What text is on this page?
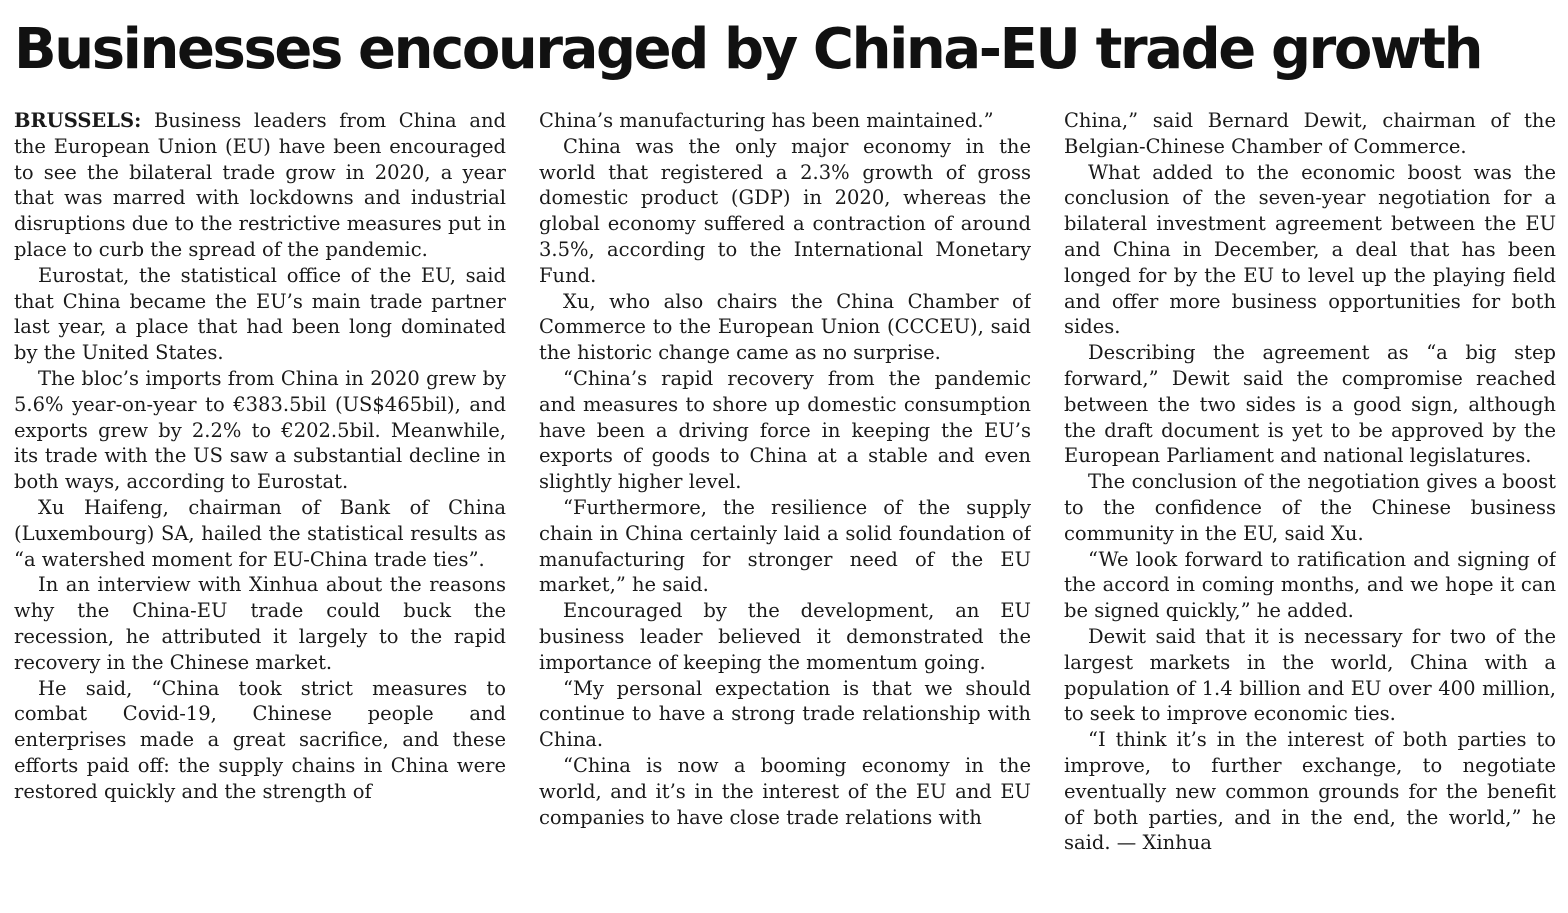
Businesses encouraged by China-EU trade growth

BRUSSELS: Business leaders from China and the European Union (EU) have been encouraged to see the bilateral trade grow in 2020, a year that was marred with lockdowns and industrial disruptions due to the restrictive measures put in place to curb the spread of the pandemic.

Eurostat, the statistical office of the EU, said that China became the EU’s main trade partner last year, a place that had been long dominated by the United States.

The bloc’s imports from China in 2020 grew by 5.6% year-on-year to €383.5bil (US$465bil), and exports grew by 2.2% to €202.5bil. Meanwhile, its trade with the US saw a substantial decline in both ways, according to Eurostat.

Xu Haifeng, chairman of Bank of China (Luxembourg) SA, hailed the statistical results as “a watershed moment for EU-China trade ties”.

In an interview with Xinhua about the reasons why the China-EU trade could buck the recession, he attributed it largely to the rapid recovery in the Chinese market.

He said, “China took strict measures to combat Covid-19, Chinese people and enterprises made a great sacrifice, and these efforts paid off: the supply chains in China were restored quickly and the strength of

China’s manufacturing has been maintained.”

China was the only major economy in the world that registered a 2.3% growth of gross domestic product (GDP) in 2020, whereas the global economy suffered a contraction of around 3.5%, according to the International Monetary Fund.

Xu, who also chairs the China Chamber of Commerce to the European Union (CCCEU), said the historic change came as no surprise.

“China’s rapid recovery from the pandemic and measures to shore up domestic consumption have been a driving force in keeping the EU’s exports of goods to China at a stable and even slightly higher level.

“Furthermore, the resilience of the supply chain in China certainly laid a solid foundation of manufacturing for stronger need of the EU market,” he said.

Encouraged by the development, an EU business leader believed it demonstrated the importance of keeping the momentum going.

“My personal expectation is that we should continue to have a strong trade relationship with China.

“China is now a booming economy in the world, and it’s in the interest of the EU and EU companies to have close trade relations with

China,” said Bernard Dewit, chairman of the Belgian-Chinese Chamber of Commerce.

What added to the economic boost was the conclusion of the seven-year negotiation for a bilateral investment agreement between the EU and China in December, a deal that has been longed for by the EU to level up the playing field and offer more business opportunities for both sides.

Describing the agreement as “a big step forward,” Dewit said the compromise reached between the two sides is a good sign, although the draft document is yet to be approved by the European Parliament and national legislatures.

The conclusion of the negotiation gives a boost to the confidence of the Chinese business community in the EU, said Xu.

“We look forward to ratification and signing of the accord in coming months, and we hope it can be signed quickly,” he added.

Dewit said that it is necessary for two of the largest markets in the world, China with a population of 1.4 billion and EU over 400 million, to seek to improve economic ties.

“I think it’s in the interest of both parties to improve, to further exchange, to negotiate eventually new common grounds for the benefit of both parties, and in the end, the world,” he said. — Xinhua
